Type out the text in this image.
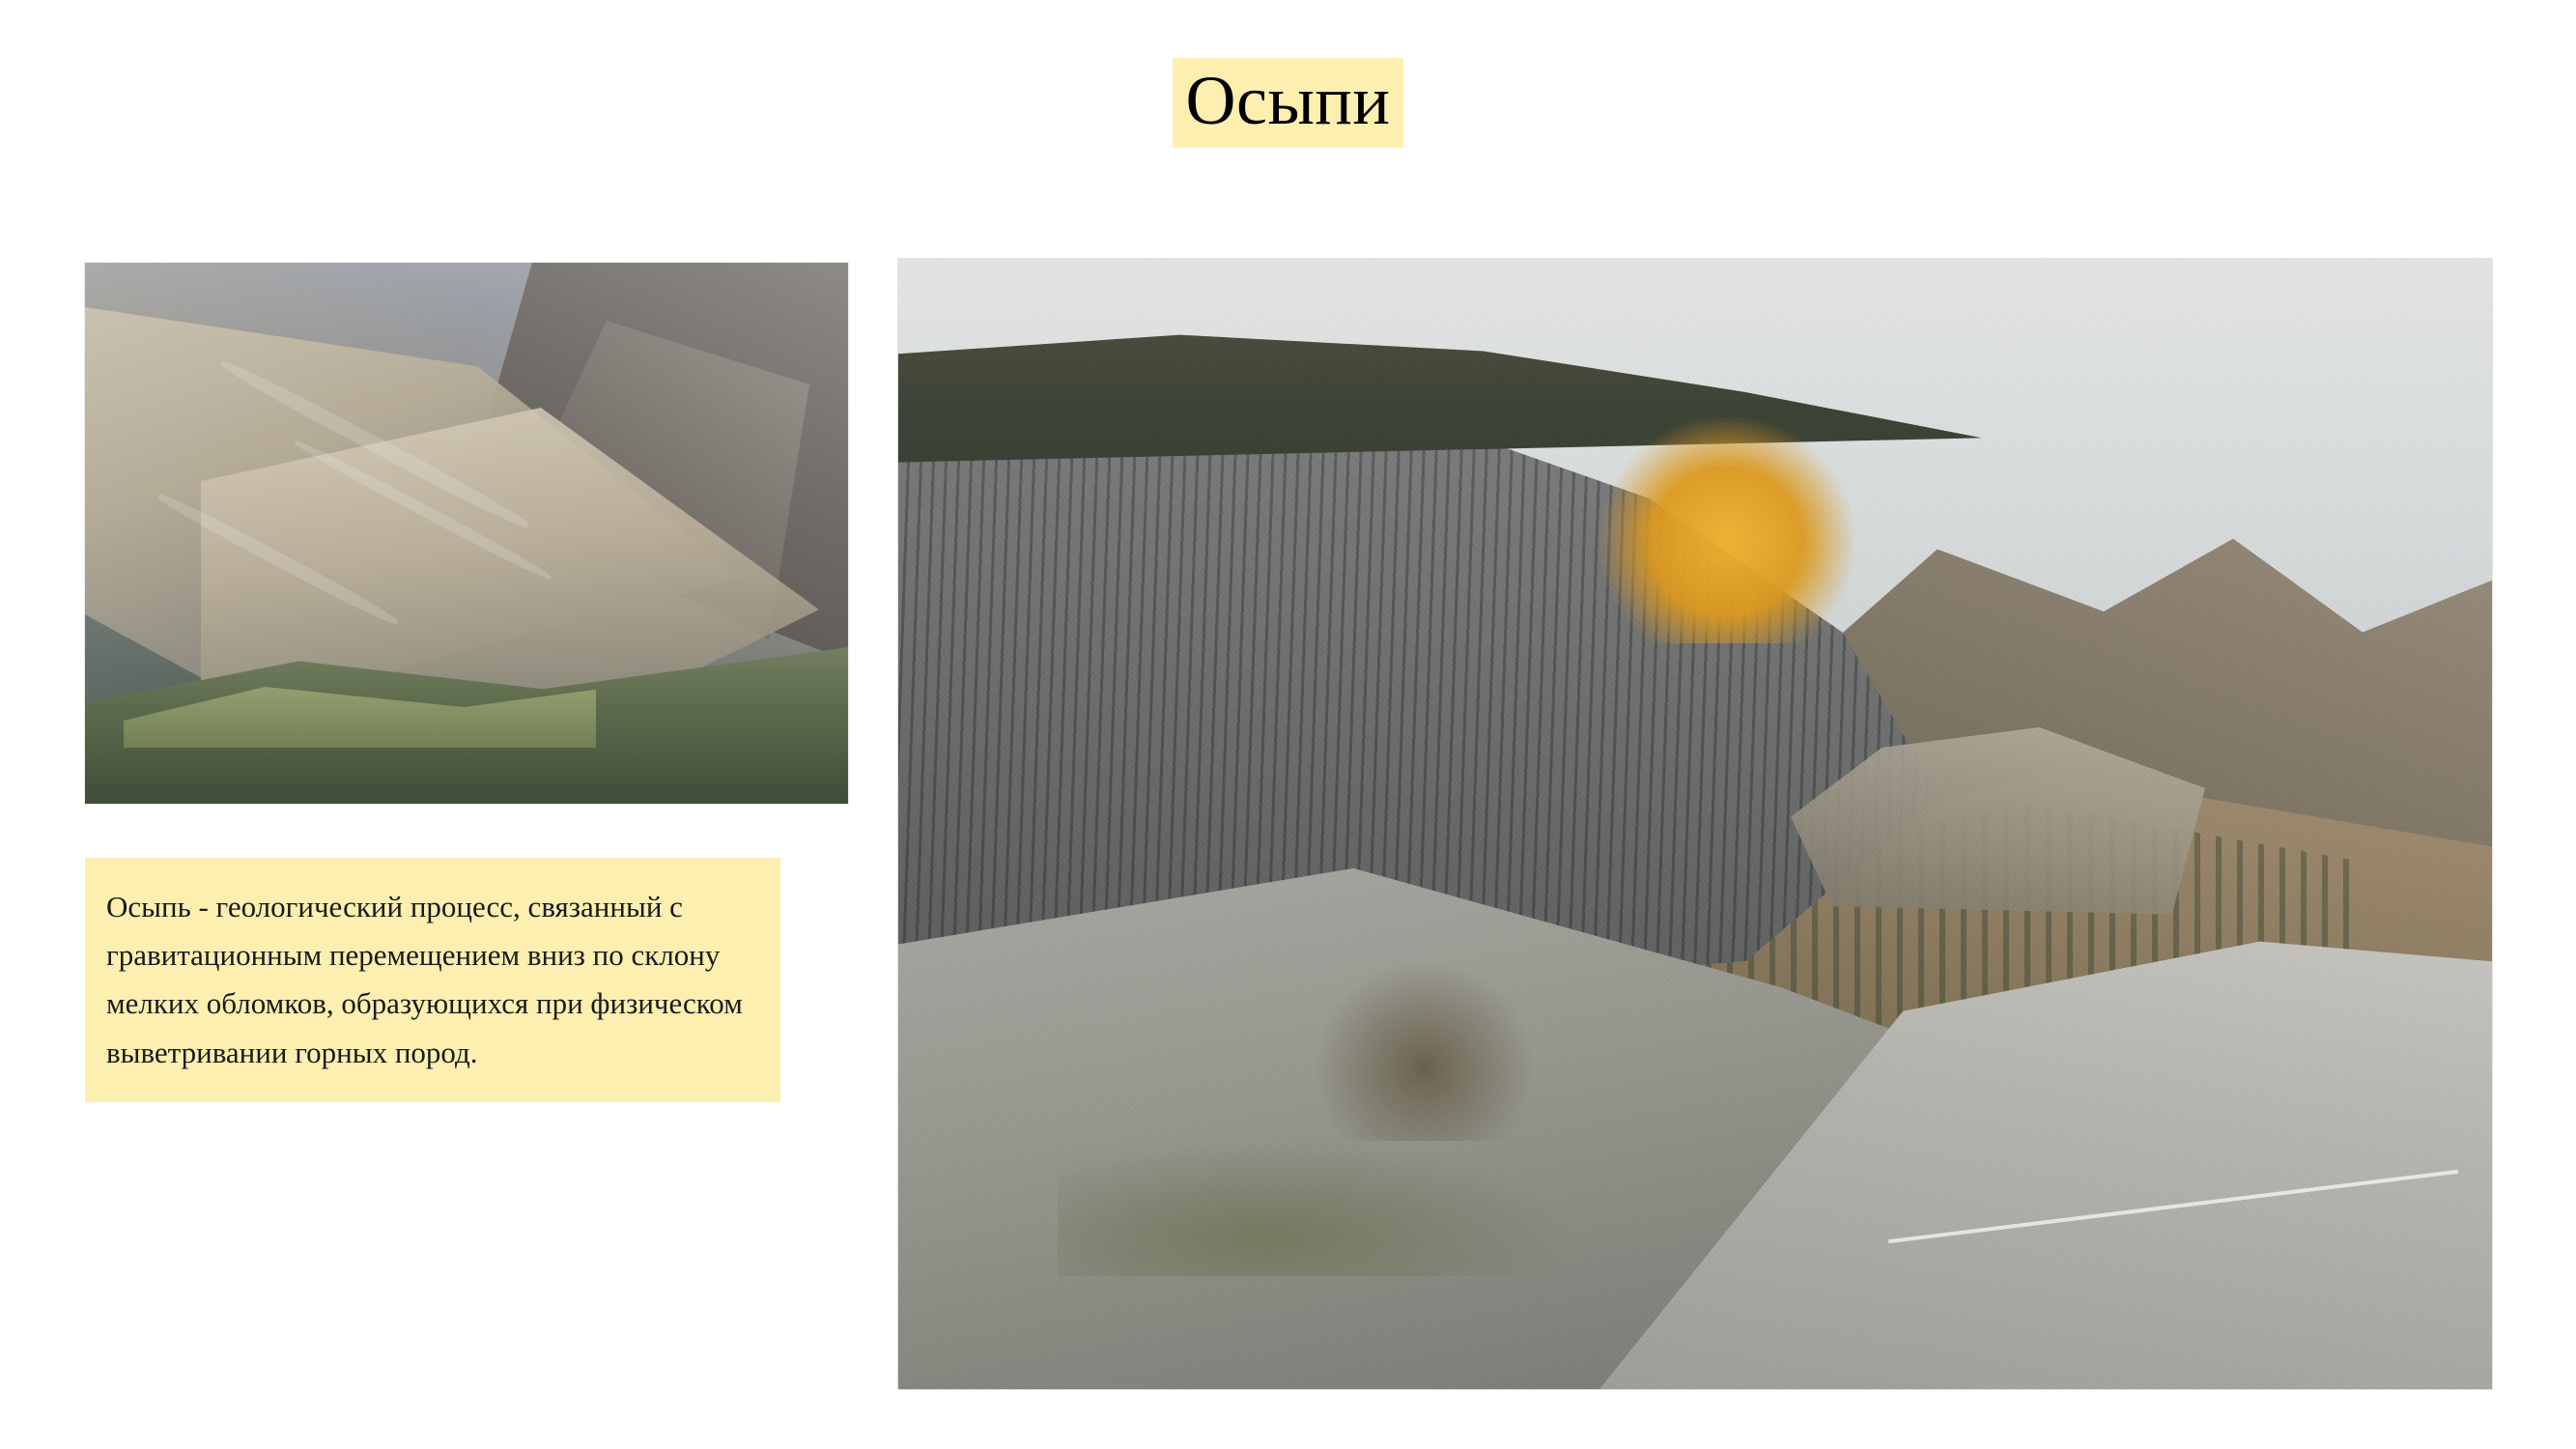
Осыпи

Осыпь - геологический процесс, связанный с гравитационным перемещением вниз по склону мелких обломков, образующихся при физическом выветривании горных пород.
